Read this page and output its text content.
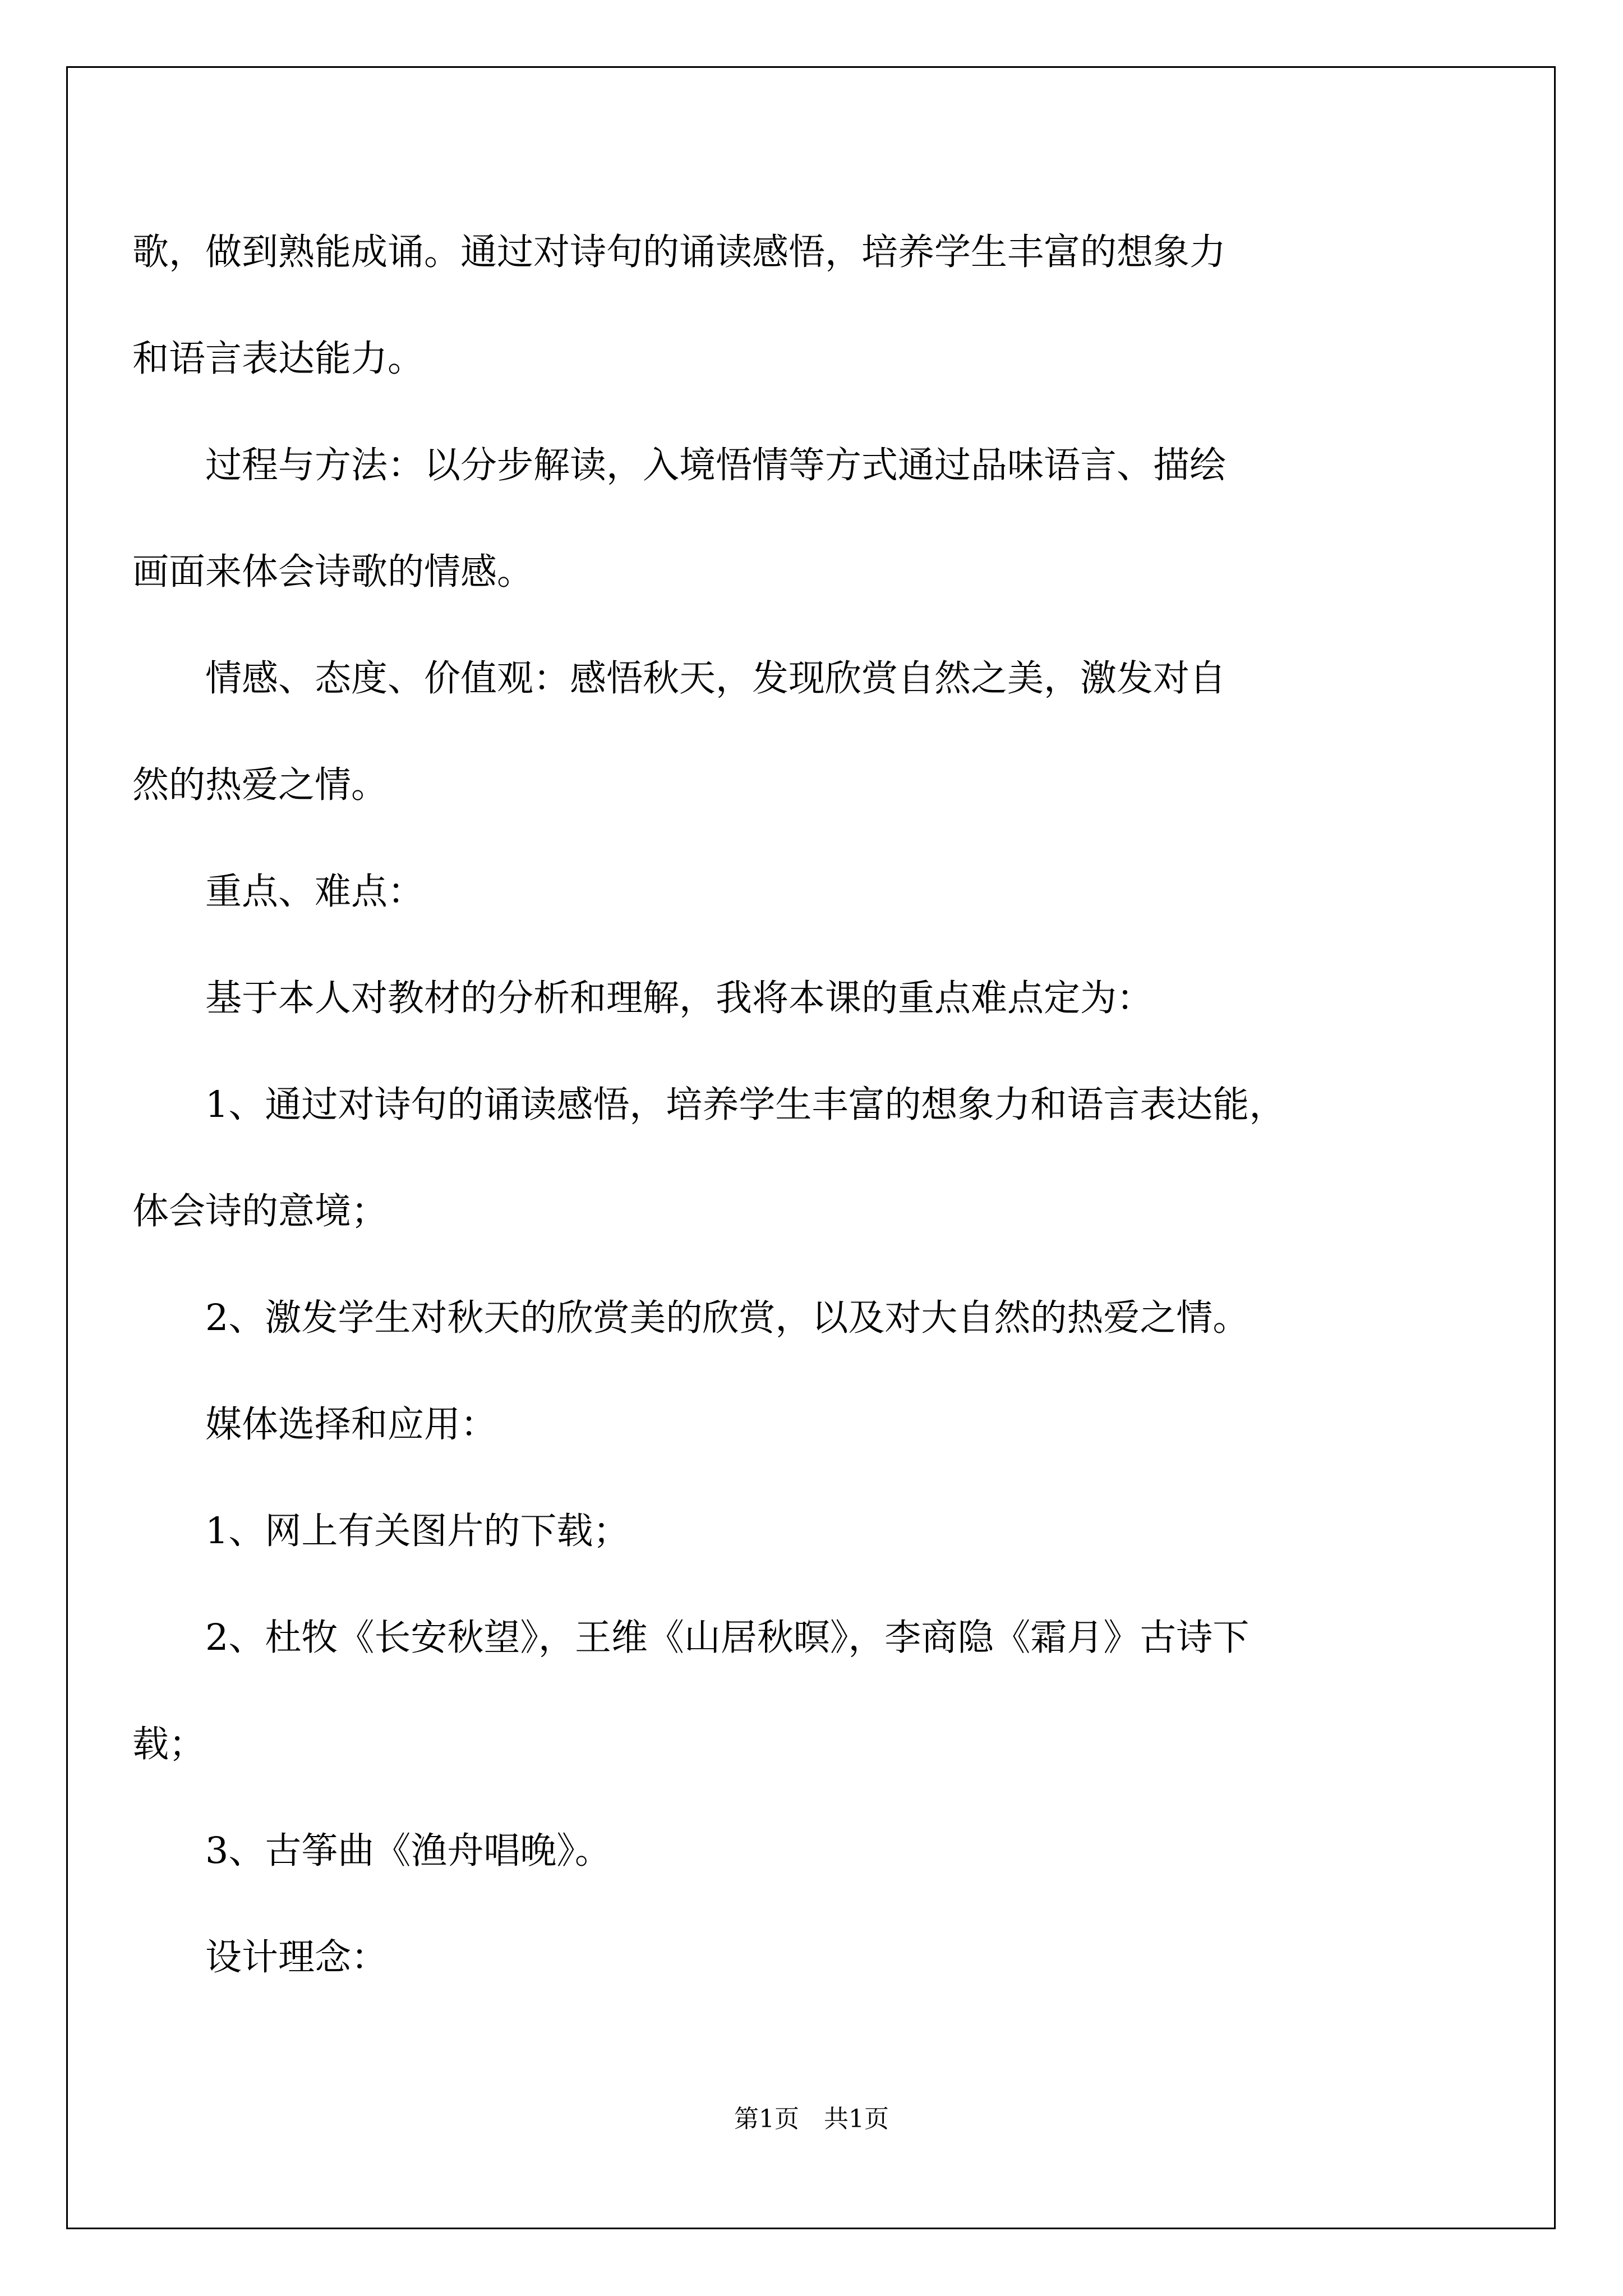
歌，做到熟能成诵。通过对诗句的诵读感悟，培养学生丰富的想象力

和语言表达能力。

　　过程与方法：以分步解读，入境悟情等方式通过品味语言、描绘

画面来体会诗歌的情感。

　　情感、态度、价值观：感悟秋天，发现欣赏自然之美，激发对自

然的热爱之情。

　　重点、难点：

　　基于本人对教材的分析和理解，我将本课的重点难点定为：

　　1、通过对诗句的诵读感悟，培养学生丰富的想象力和语言表达能，

体会诗的意境；

　　2、激发学生对秋天的欣赏美的欣赏，以及对大自然的热爱之情。

　　媒体选择和应用：

　　1、网上有关图片的下载；

　　2、杜牧《长安秋望》，王维《山居秋暝》，李商隐《霜月》古诗下

载；

　　3、古筝曲《渔舟唱晚》。

　　设计理念：

第1页　共1页
